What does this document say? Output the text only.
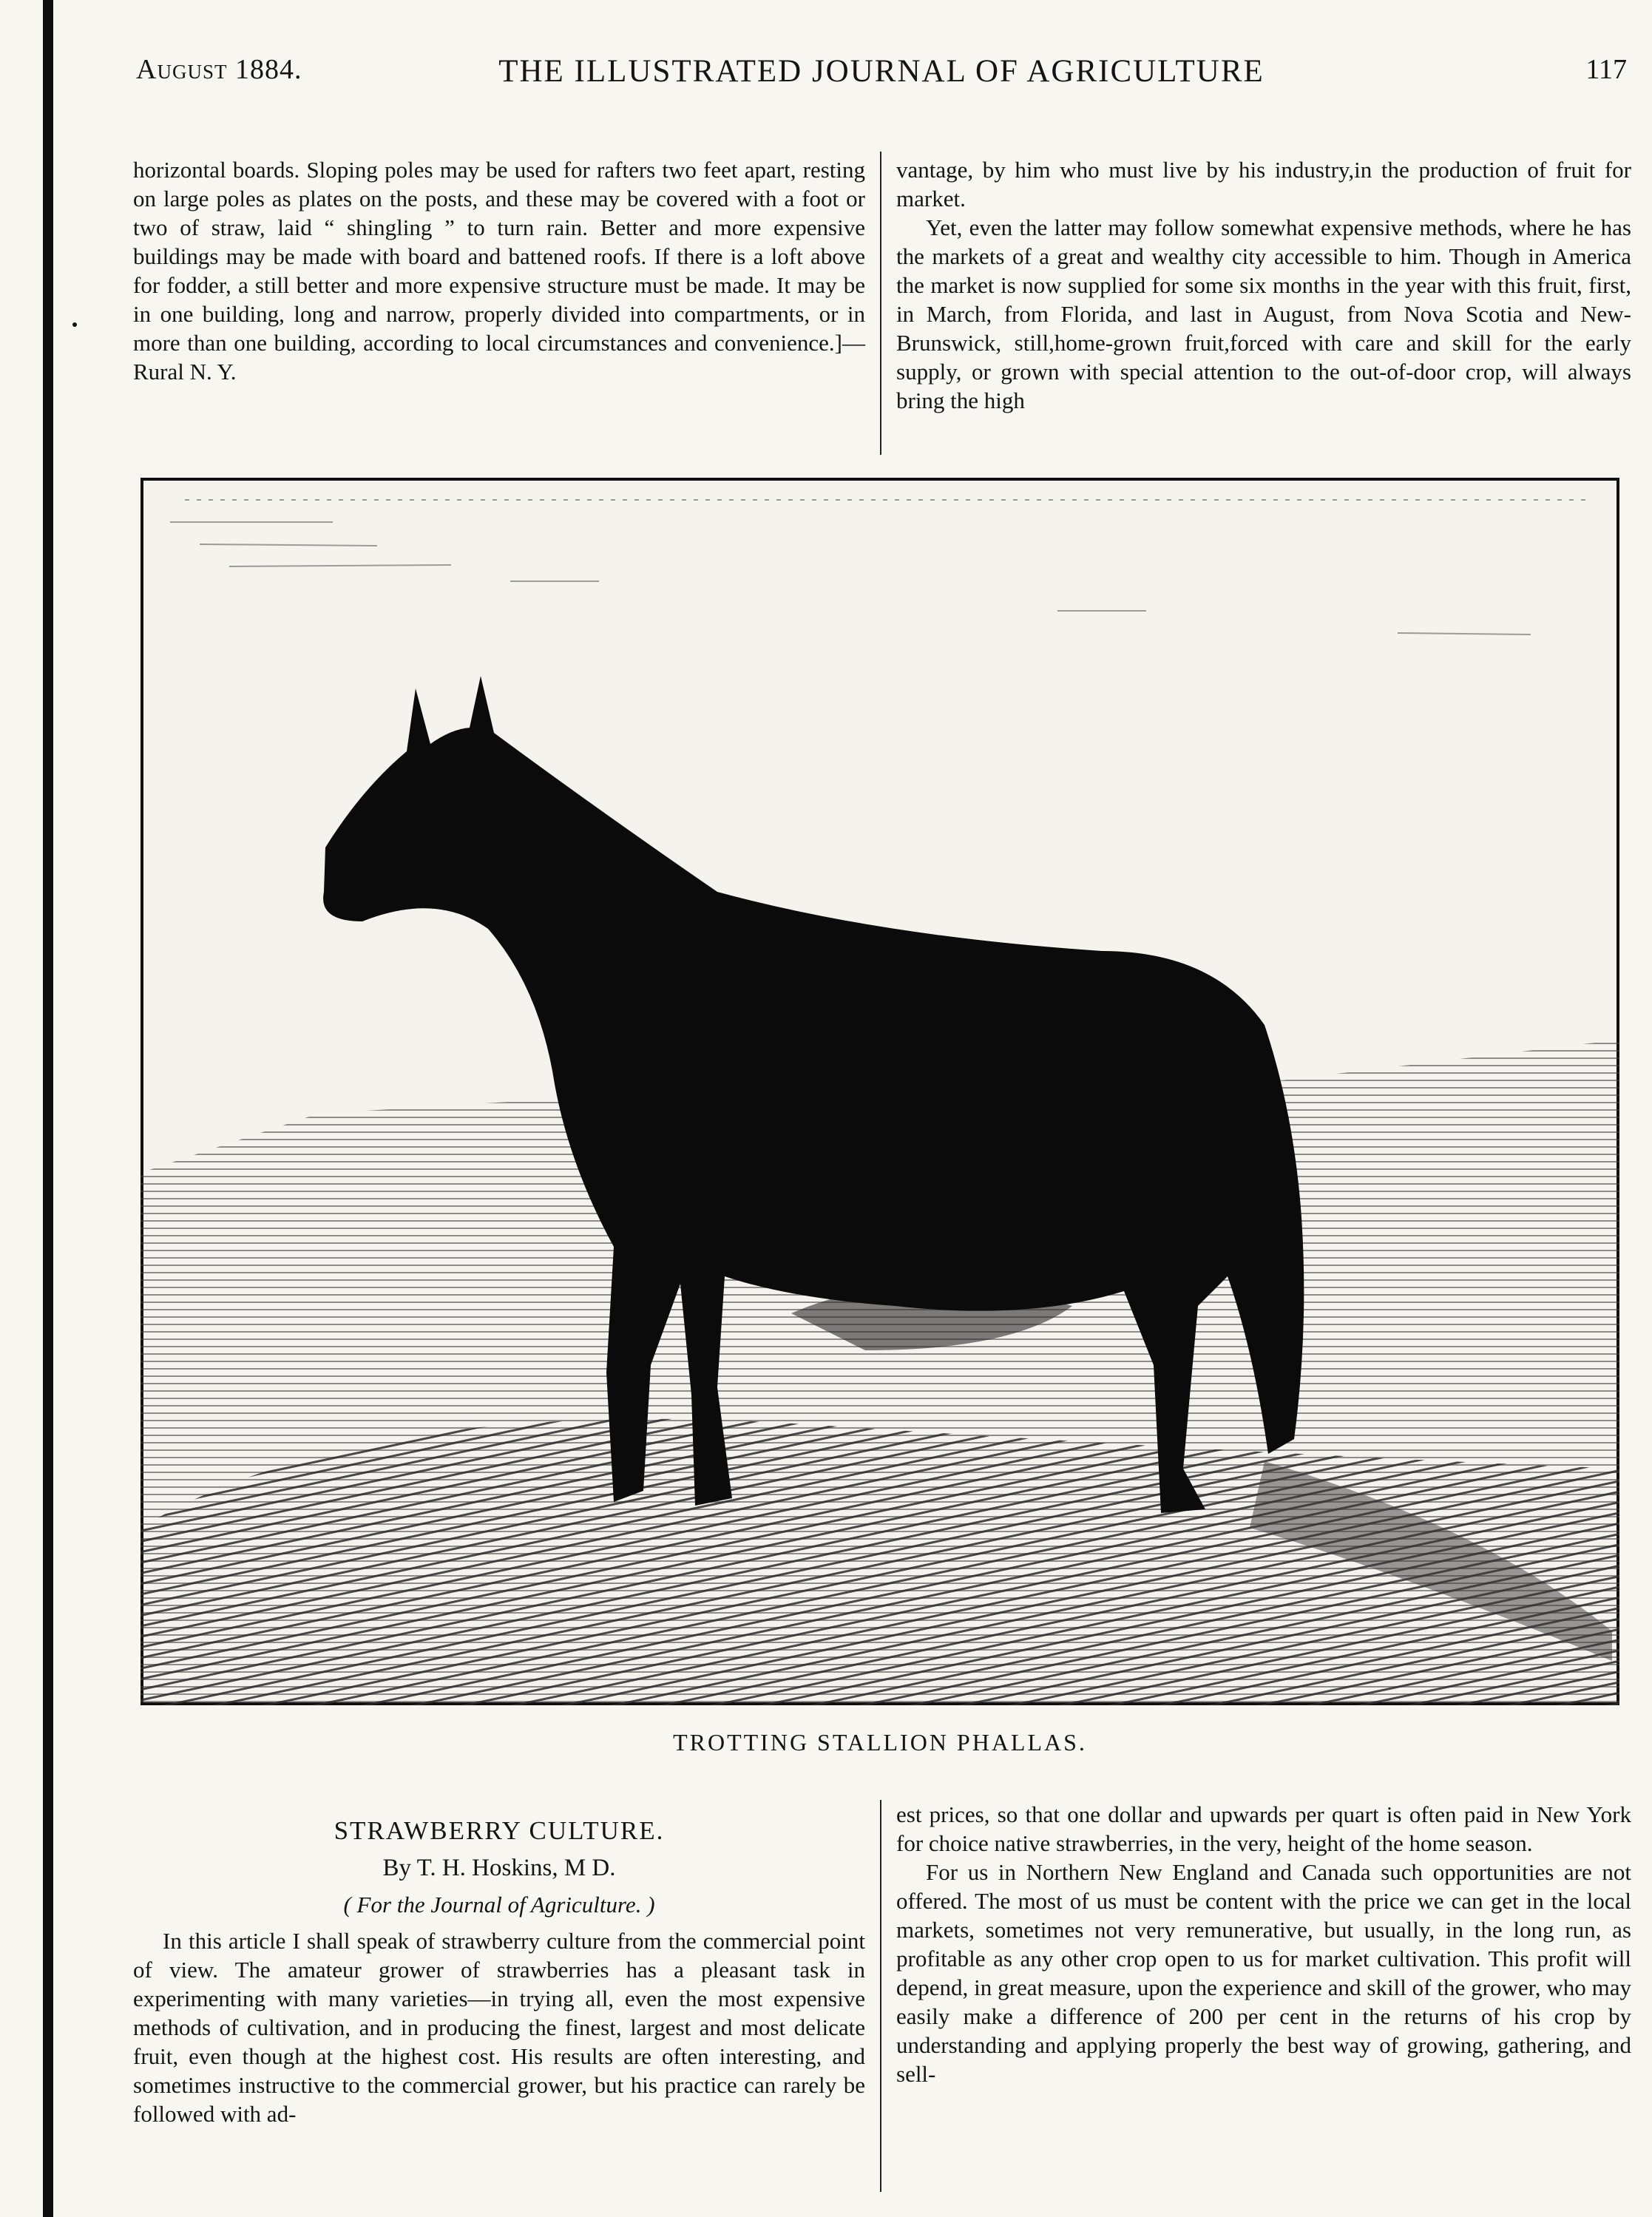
August 1884.	THE ILLUSTRATED JOURNAL OF AGRICULTURE	117

horizontal boards. Sloping poles may be used for rafters two feet apart, resting on large poles as plates on the posts, and these may be covered with a foot or two of straw, laid “ shingling ” to turn rain. Better and more expensive buildings may be made with board and battened roofs. If there is a loft above for fodder, a still better and more expensive structure must be made. It may be in one building, long and narrow, properly divided into compartments, or in more than one building, according to local circumstances and convenience.]—Rural N. Y.

vantage, by him who must live by his industry,in the production of fruit for market.

Yet, even the latter may follow somewhat expensive methods, where he has the markets of a great and wealthy city accessible to him. Though in America the market is now supplied for some six months in the year with this fruit, first, in March, from Florida, and last in August, from Nova Scotia and New-Brunswick, still,home-grown fruit,forced with care and skill for the early supply, or grown with special attention to the out-of-door crop, will always bring the high

TROTTING STALLION PHALLAS.
STRAWBERRY CULTURE.
By T. H. Hoskins, M D.
( For the Journal of Agriculture. )

In this article I shall speak of strawberry culture from the commercial point of view. The amateur grower of strawberries has a pleasant task in experimenting with many varieties—in trying all, even the most expensive methods of cultivation, and in producing the finest, largest and most delicate fruit, even though at the highest cost. His results are often interesting, and sometimes instructive to the commercial grower, but his practice can rarely be followed with ad-

est prices, so that one dollar and upwards per quart is often paid in New York for choice native strawberries, in the very, height of the home season.

For us in Northern New England and Canada such opportunities are not offered. The most of us must be content with the price we can get in the local markets, sometimes not very remunerative, but usually, in the long run, as profitable as any other crop open to us for market cultivation. This profit will depend, in great measure, upon the experience and skill of the grower, who may easily make a difference of 200 per cent in the returns of his crop by understanding and applying properly the best way of growing, gathering, and sell-
